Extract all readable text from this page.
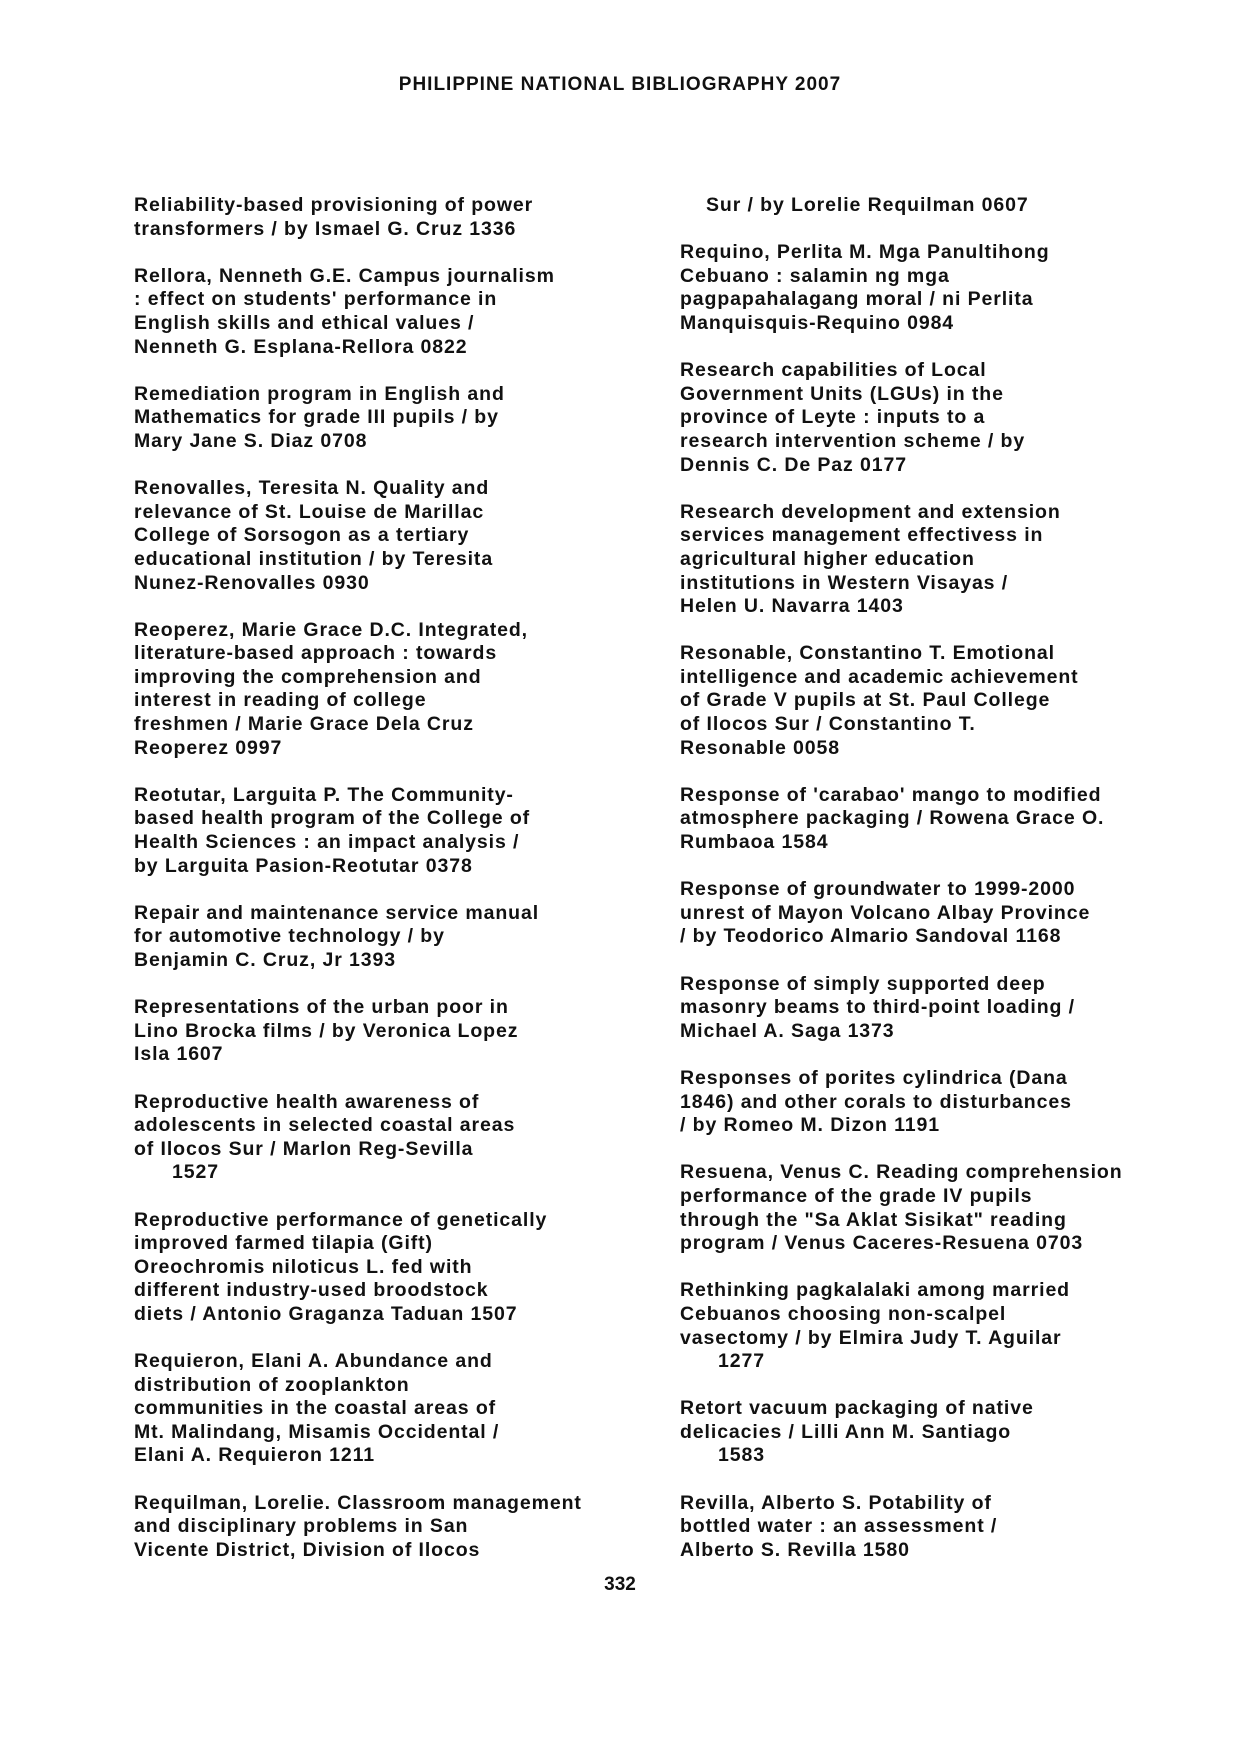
PHILIPPINE NATIONAL BIBLIOGRAPHY 2007
Reliability-based provisioning of power
transformers / by Ismael G. Cruz 1336
Rellora, Nenneth G.E. Campus journalism
: effect on students' performance in
English skills and ethical values /
Nenneth G. Esplana-Rellora 0822
Remediation program in English and
Mathematics for grade III pupils / by
Mary Jane S. Diaz 0708
Renovalles, Teresita N. Quality and
relevance of St. Louise de Marillac
College of Sorsogon as a tertiary
educational institution / by Teresita
Nunez-Renovalles 0930
Reoperez, Marie Grace D.C. Integrated,
literature-based approach : towards
improving the comprehension and
interest in reading of college
freshmen / Marie Grace Dela Cruz
Reoperez 0997
Reotutar, Larguita P. The Community-
based health program of the College of
Health Sciences : an impact analysis /
by Larguita Pasion-Reotutar 0378
Repair and maintenance service manual
for automotive technology / by
Benjamin C. Cruz, Jr 1393
Representations of the urban poor in
Lino Brocka films / by Veronica Lopez
Isla 1607
Reproductive health awareness of
adolescents in selected coastal areas
of Ilocos Sur / Marlon Reg-Sevilla
1527
Reproductive performance of genetically
improved farmed tilapia (Gift)
Oreochromis niloticus L. fed with
different industry-used broodstock
diets / Antonio Graganza Taduan 1507
Requieron, Elani A. Abundance and
distribution of zooplankton
communities in the coastal areas of
Mt. Malindang, Misamis Occidental /
Elani A. Requieron 1211
Requilman, Lorelie. Classroom management
and disciplinary problems in San
Vicente District, Division of Ilocos
Sur / by Lorelie Requilman 0607
Requino, Perlita M. Mga Panultihong
Cebuano : salamin ng mga
pagpapahalagang moral / ni Perlita
Manquisquis-Requino 0984
Research capabilities of Local
Government Units (LGUs) in the
province of Leyte : inputs to a
research intervention scheme / by
Dennis C. De Paz 0177
Research development and extension
services management effectivess in
agricultural higher education
institutions in Western Visayas /
Helen U. Navarra 1403
Resonable, Constantino T. Emotional
intelligence and academic achievement
of Grade V pupils at St. Paul College
of Ilocos Sur / Constantino T.
Resonable 0058
Response of 'carabao' mango to modified
atmosphere packaging / Rowena Grace O.
Rumbaoa 1584
Response of groundwater to 1999-2000
unrest of Mayon Volcano Albay Province
/ by Teodorico Almario Sandoval 1168
Response of simply supported deep
masonry beams to third-point loading /
Michael A. Saga 1373
Responses of porites cylindrica (Dana
1846) and other corals to disturbances
/ by Romeo M. Dizon 1191
Resuena, Venus C. Reading comprehension
performance of the grade IV pupils
through the "Sa Aklat Sisikat" reading
program / Venus Caceres-Resuena 0703
Rethinking pagkalalaki among married
Cebuanos choosing non-scalpel
vasectomy / by Elmira Judy T. Aguilar
1277
Retort vacuum packaging of native
delicacies / Lilli Ann M. Santiago
1583
Revilla, Alberto S. Potability of
bottled water : an assessment /
Alberto S. Revilla 1580
332
